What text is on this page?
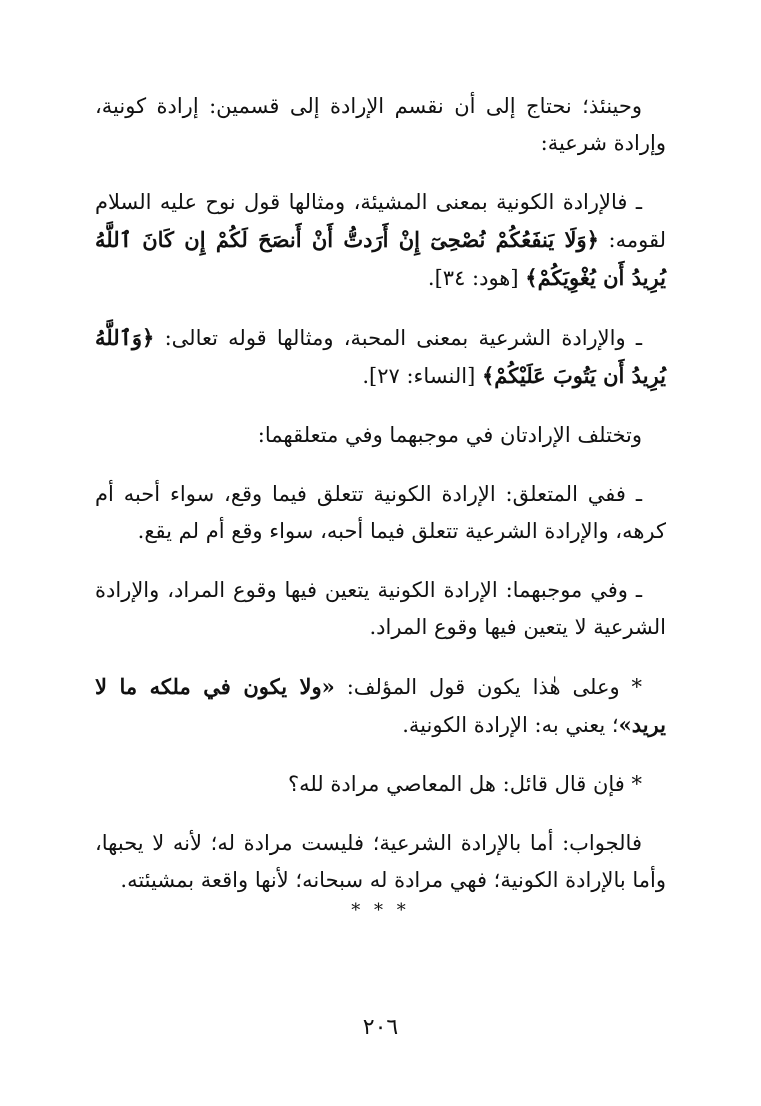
وحينئذ؛ نحتاج إلى أن نقسم الإرادة إلى قسمين: إرادة كونية، وإرادة شرعية:

ـ فالإرادة الكونية بمعنى المشيئة، ومثالها قول نوح عليه السلام لقومه: ﴿وَلَا يَنفَعُكُمْ نُصْحِىٓ إِنْ أَرَدتُّ أَنْ أَنصَحَ لَكُمْ إِن كَانَ ٱللَّهُ يُرِيدُ أَن يُغْوِيَكُمْ﴾ [هود: ٣٤].

ـ والإرادة الشرعية بمعنى المحبة، ومثالها قوله تعالى: ﴿وَٱللَّهُ يُرِيدُ أَن يَتُوبَ عَلَيْكُمْ﴾ [النساء: ٢٧].

وتختلف الإرادتان في موجبهما وفي متعلقهما:

ـ ففي المتعلق: الإرادة الكونية تتعلق فيما وقع، سواء أحبه أم كرهه، والإرادة الشرعية تتعلق فيما أحبه، سواء وقع أم لم يقع.

ـ وفي موجبهما: الإرادة الكونية يتعين فيها وقوع المراد، والإرادة الشرعية لا يتعين فيها وقوع المراد.

* وعلى هٰذا يكون قول المؤلف: «ولا يكون في ملكه ما لا يريد»؛ يعني به: الإرادة الكونية.

* فإن قال قائل: هل المعاصي مرادة لله؟

فالجواب: أما بالإرادة الشرعية؛ فليست مرادة له؛ لأنه لا يحبها، وأما بالإرادة الكونية؛ فهي مرادة له سبحانه؛ لأنها واقعة بمشيئته.

* * *
٢٠٦
